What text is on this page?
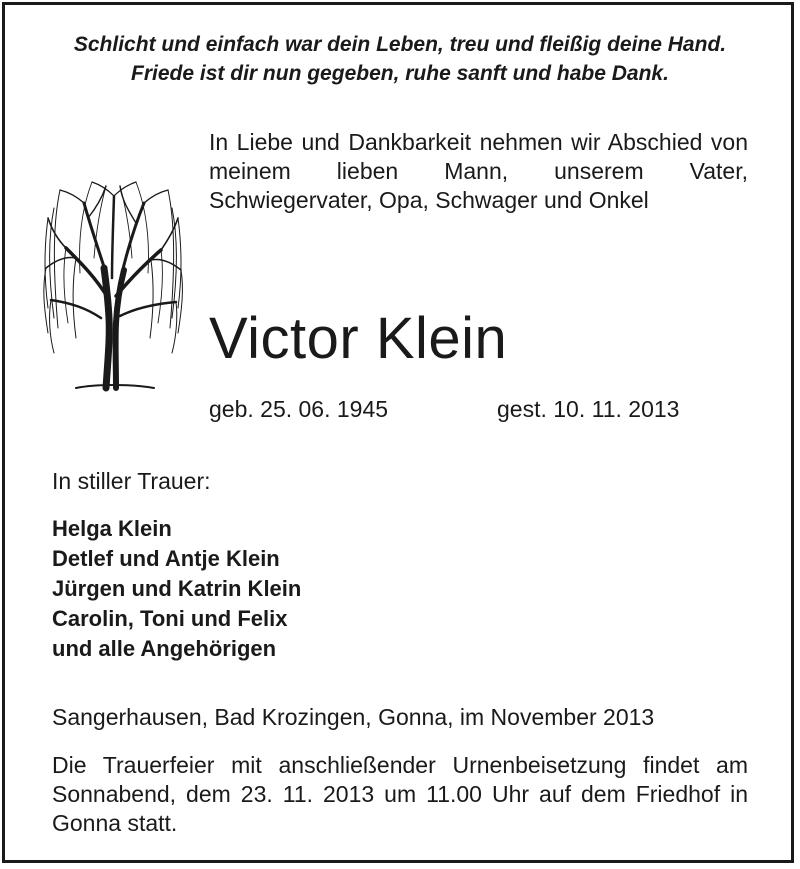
Schlicht und einfach war dein Leben, treu und fleißig deine Hand.
Friede ist dir nun gegeben, ruhe sanft und habe Dank.
In Liebe und Dankbarkeit nehmen wir Abschied von meinem lieben Mann, unserem Vater, Schwiegervater, Opa, Schwager und Onkel
Victor Klein
geb. 25. 06. 1945	gest. 10. 11. 2013
In stiller Trauer:
Helga Klein
Detlef und Antje Klein
Jürgen und Katrin Klein
Carolin, Toni und Felix
und alle Angehörigen
Sangerhausen, Bad Krozingen, Gonna, im November 2013
Die Trauerfeier mit anschließender Urnenbeisetzung findet am Sonnabend, dem 23. 11. 2013 um 11.00 Uhr auf dem Friedhof in Gonna statt.
